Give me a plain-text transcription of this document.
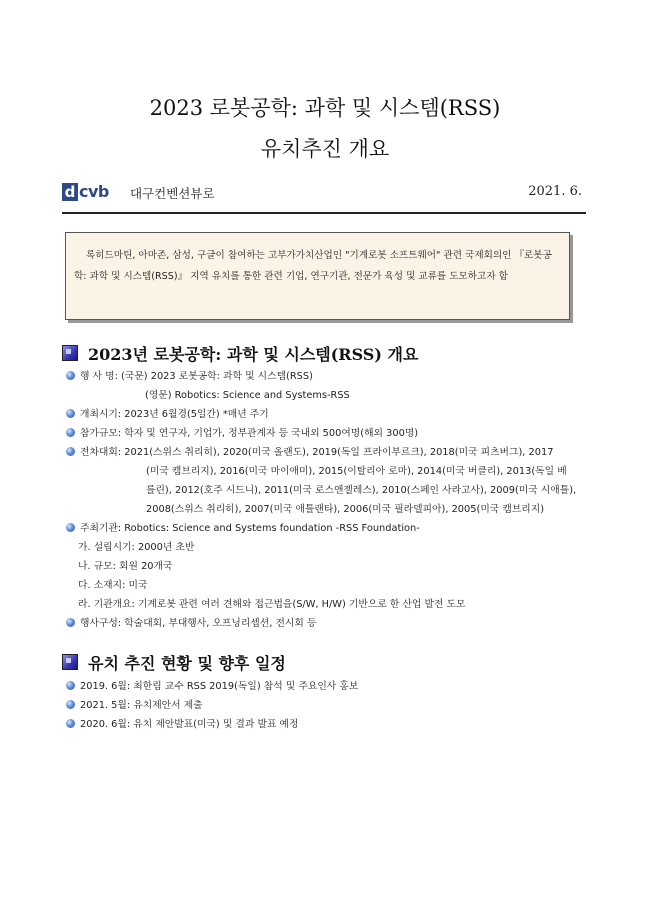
2023 로봇공학: 과학 및 시스템(RSS)
유치추진 개요
d cvb 대구컨벤션뷰로	2021. 6.
록히드마틴, 아마존, 삼성, 구글이 참여하는 고부가가치산업인 "기계로봇 소프트웨어" 관련 국제회의인 『로봇공학: 과학 및 시스템(RSS)』 지역 유치를 통한 관련 기업, 연구기관, 전문가 육성 및 교류를 도모하고자 함
2023년 로봇공학: 과학 및 시스템(RSS) 개요
행 사 명: (국문) 2023 로봇공학: 과학 및 시스템(RSS)
(영문) Robotics: Science and Systems-RSS
개최시기: 2023년 6월경(5일간) *매년 주기
참가규모: 학자 및 연구자, 기업가, 정부관계자 등 국내외 500여명(해외 300명)
전차대회: 2021(스위스 취리히), 2020(미국 올랜도), 2019(독일 프라이부르크), 2018(미국 피츠버그), 2017
(미국 캠브리지), 2016(미국 마이애미), 2015(이탈리아 로마), 2014(미국 버클리), 2013(독일 베
를린), 2012(호주 시드니), 2011(미국 로스앤젤레스), 2010(스페인 사라고사), 2009(미국 시애틀),
2008(스위스 취리히), 2007(미국 애틀랜타), 2006(미국 필라델피아), 2005(미국 캠브리지)
주최기관: Robotics: Science and Systems foundation -RSS Foundation-
가. 설립시기: 2000년 초반
나. 규모: 회원 20개국
다. 소재지: 미국
라. 기관개요: 기계로봇 관련 여러 견해와 접근법을(S/W, H/W) 기반으로 한 산업 발전 도모
행사구성: 학술대회, 부대행사, 오프닝리셉션, 전시회 등
유치 추진 현황 및 향후 일정
2019. 6월: 최한림 교수 RSS 2019(독일) 참석 및 주요인사 홍보
2021. 5월: 유치제안서 제출
2020. 6월: 유치 제안발표(미국) 및 결과 발표 예정
